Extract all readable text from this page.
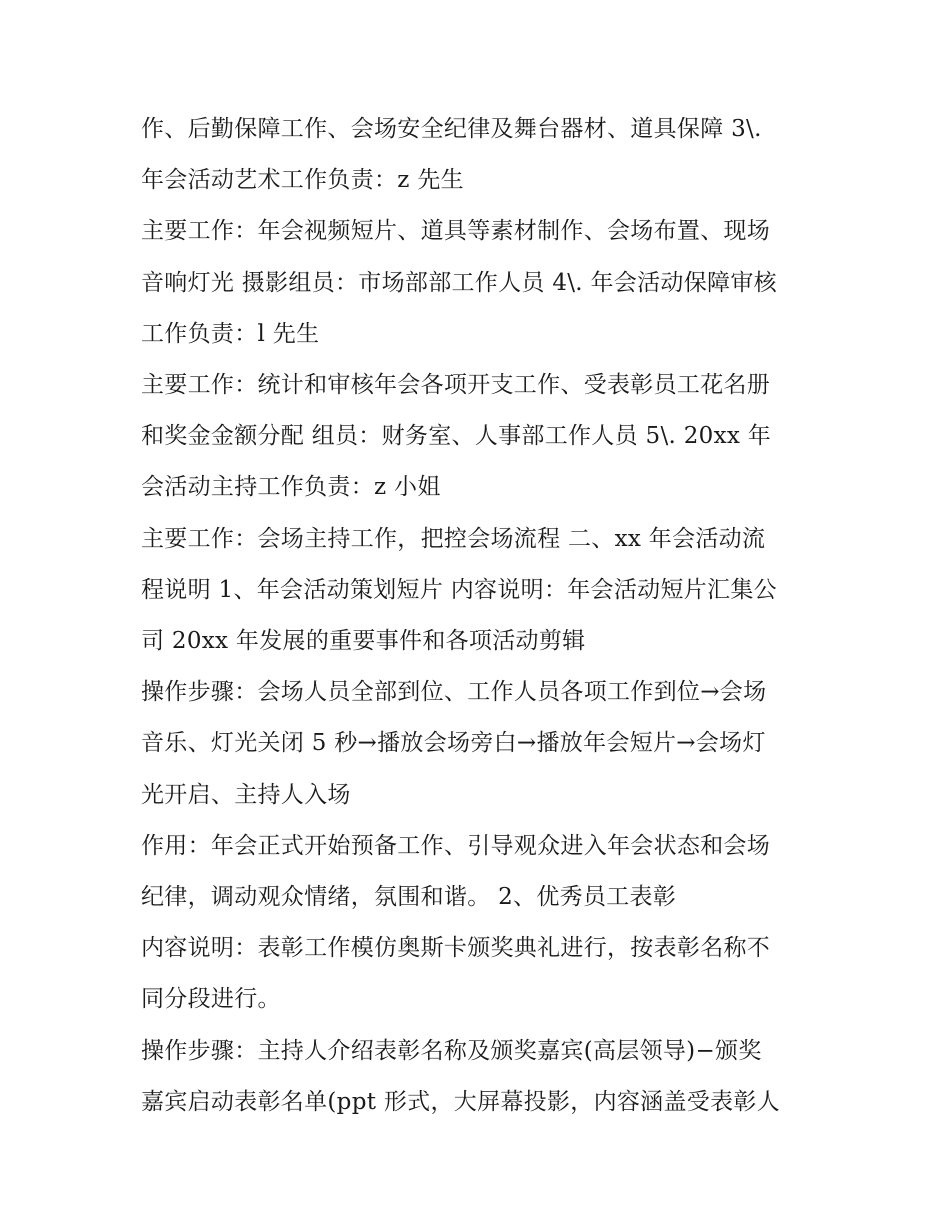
作、后勤保障工作、会场安全纪律及舞台器材、道具保障 3\.
年会活动艺术工作负责：z 先生
主要工作：年会视频短片、道具等素材制作、会场布置、现场
音响灯光 摄影组员：市场部部工作人员 4\. 年会活动保障审核
工作负责：l 先生
主要工作：统计和审核年会各项开支工作、受表彰员工花名册
和奖金金额分配 组员：财务室、人事部工作人员 5\. 20xx 年
会活动主持工作负责：z 小姐
主要工作：会场主持工作，把控会场流程 二、xx 年会活动流
程说明 1、年会活动策划短片 内容说明：年会活动短片汇集公
司 20xx 年发展的重要事件和各项活动剪辑
操作步骤：会场人员全部到位、工作人员各项工作到位→会场
音乐、灯光关闭 5 秒→播放会场旁白→播放年会短片→会场灯
光开启、主持人入场
作用：年会正式开始预备工作、引导观众进入年会状态和会场
纪律，调动观众情绪，氛围和谐。 2、优秀员工表彰
内容说明：表彰工作模仿奥斯卡颁奖典礼进行，按表彰名称不
同分段进行。
操作步骤：主持人介绍表彰名称及颁奖嘉宾(高层领导)−颁奖
嘉宾启动表彰名单(ppt 形式，大屏幕投影，内容涵盖受表彰人
